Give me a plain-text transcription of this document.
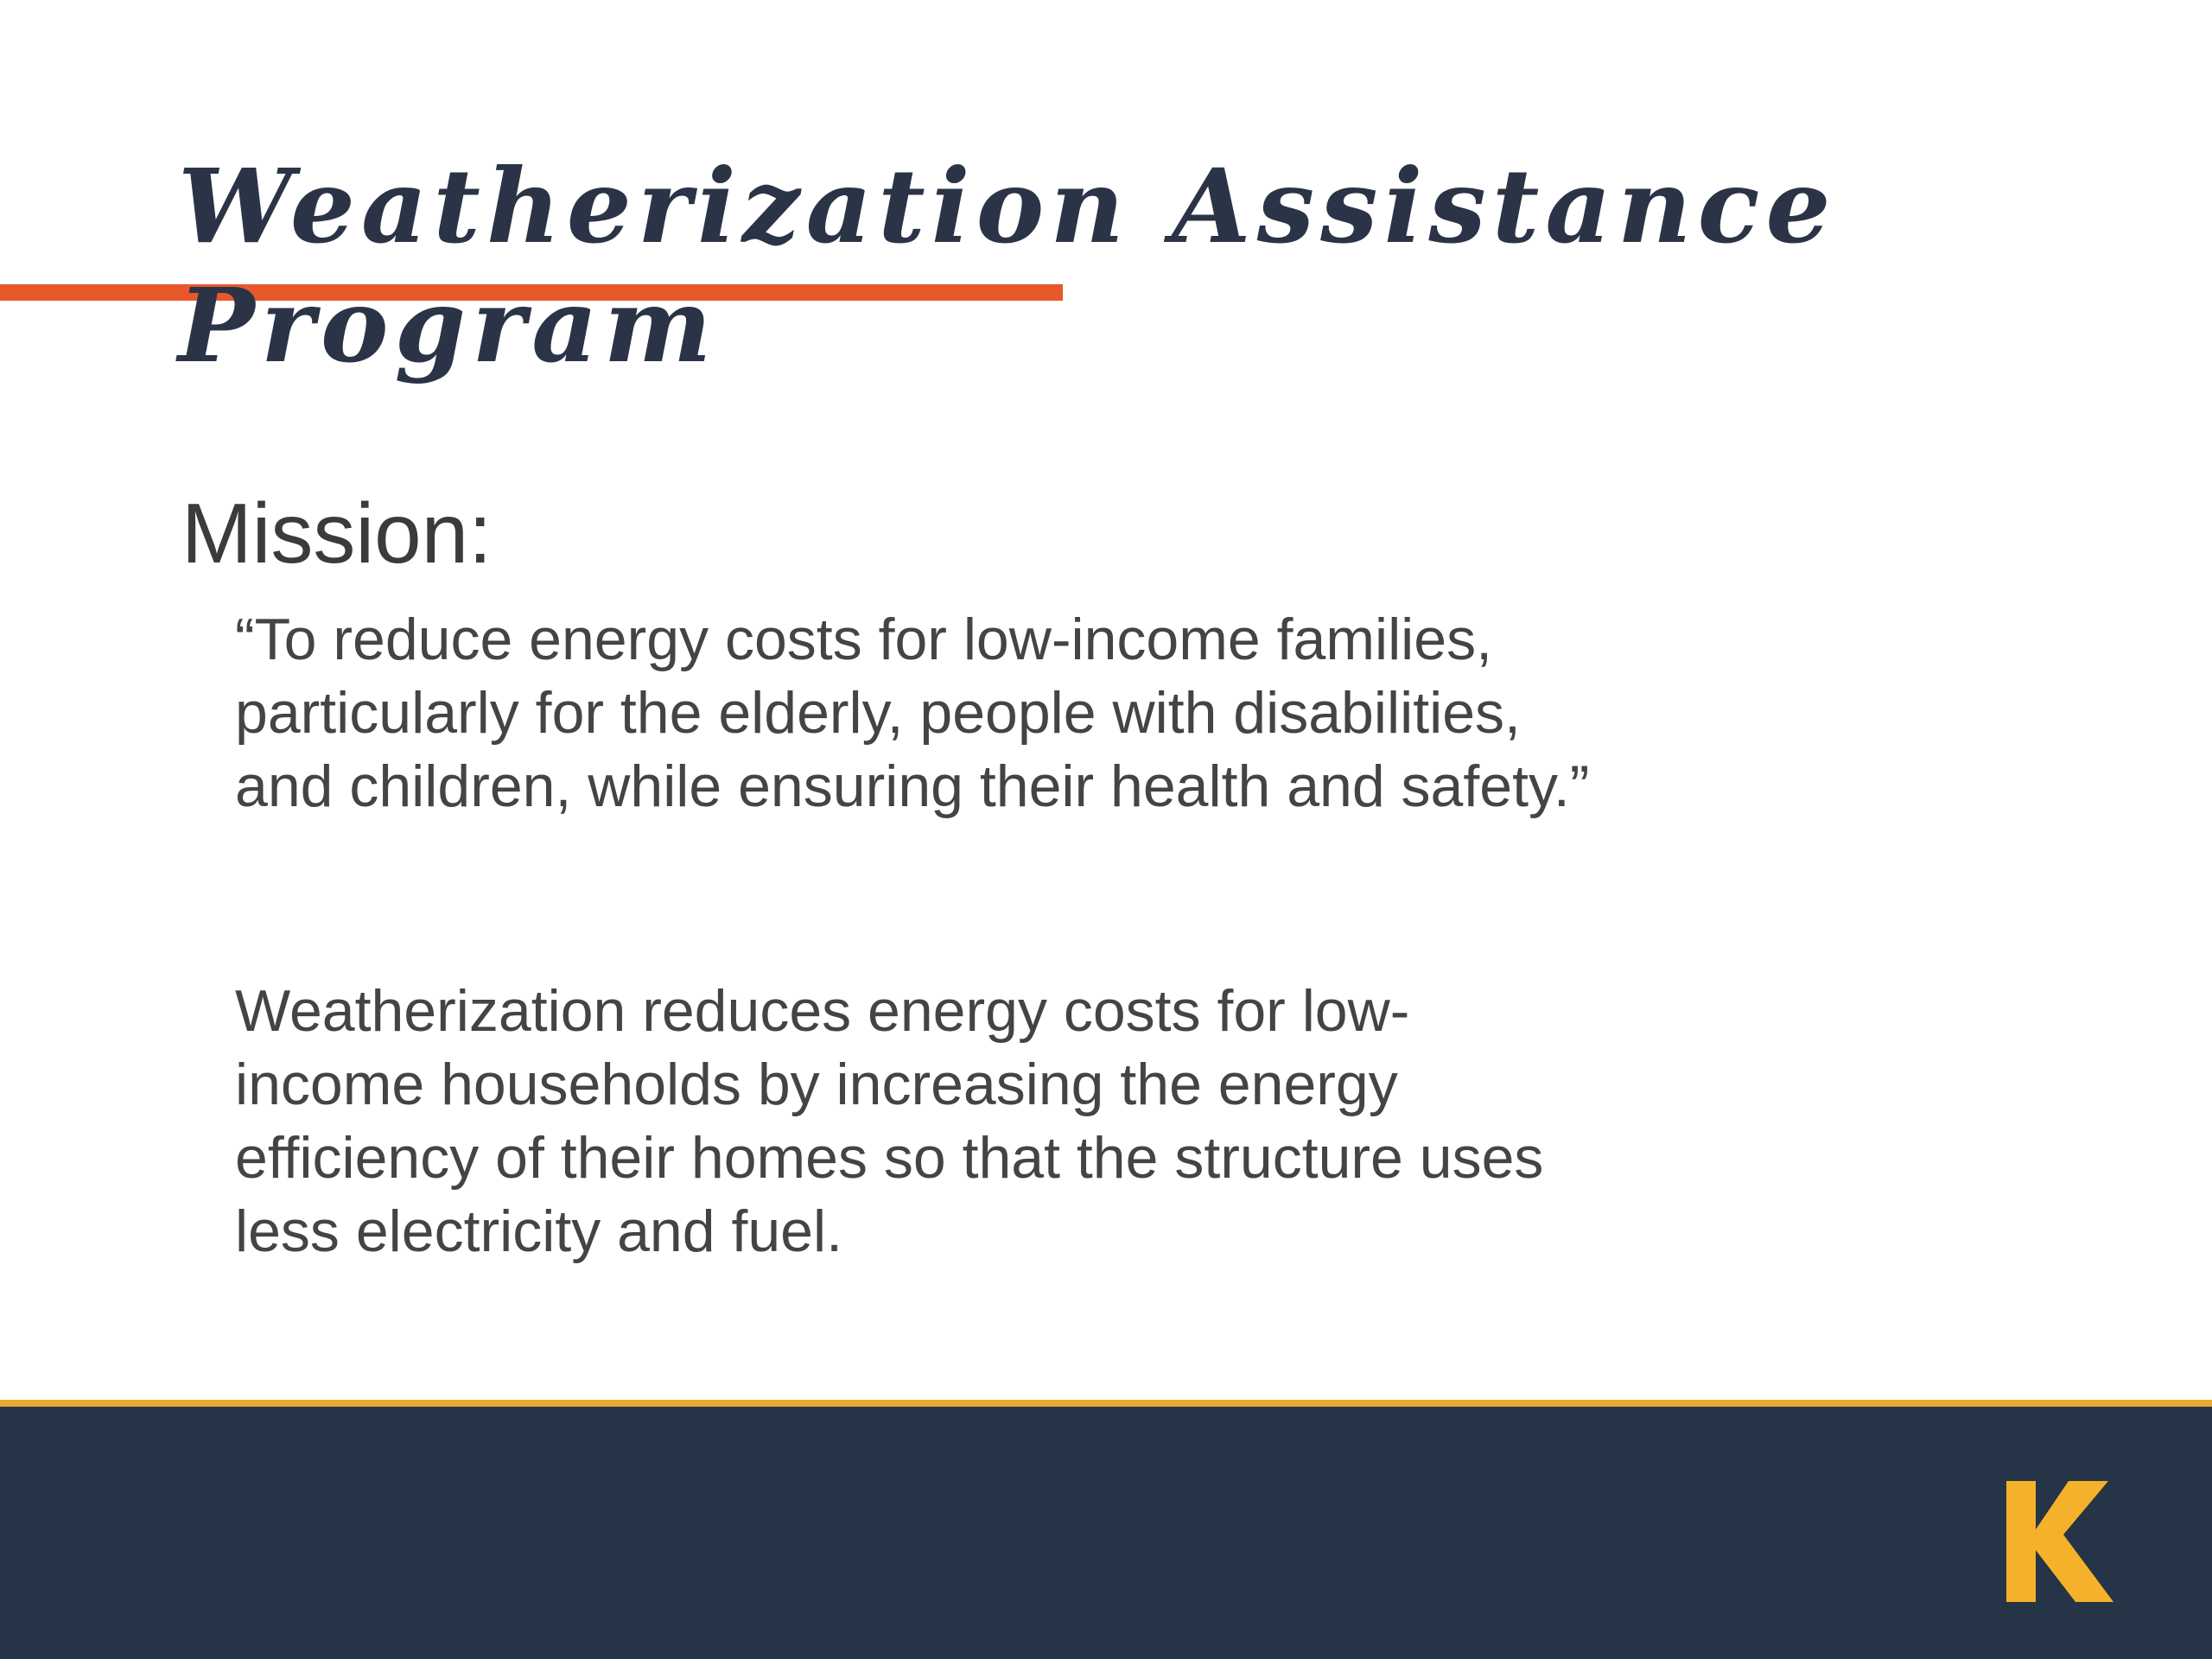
Weatherization Assistance
Program
Mission:

“To reduce energy costs for low-income families,
particularly for the elderly, people with disabilities,
and children, while ensuring their health and safety.”

Weatherization reduces energy costs for low-
income households by increasing the energy
efficiency of their homes so that the structure uses
less electricity and fuel.
